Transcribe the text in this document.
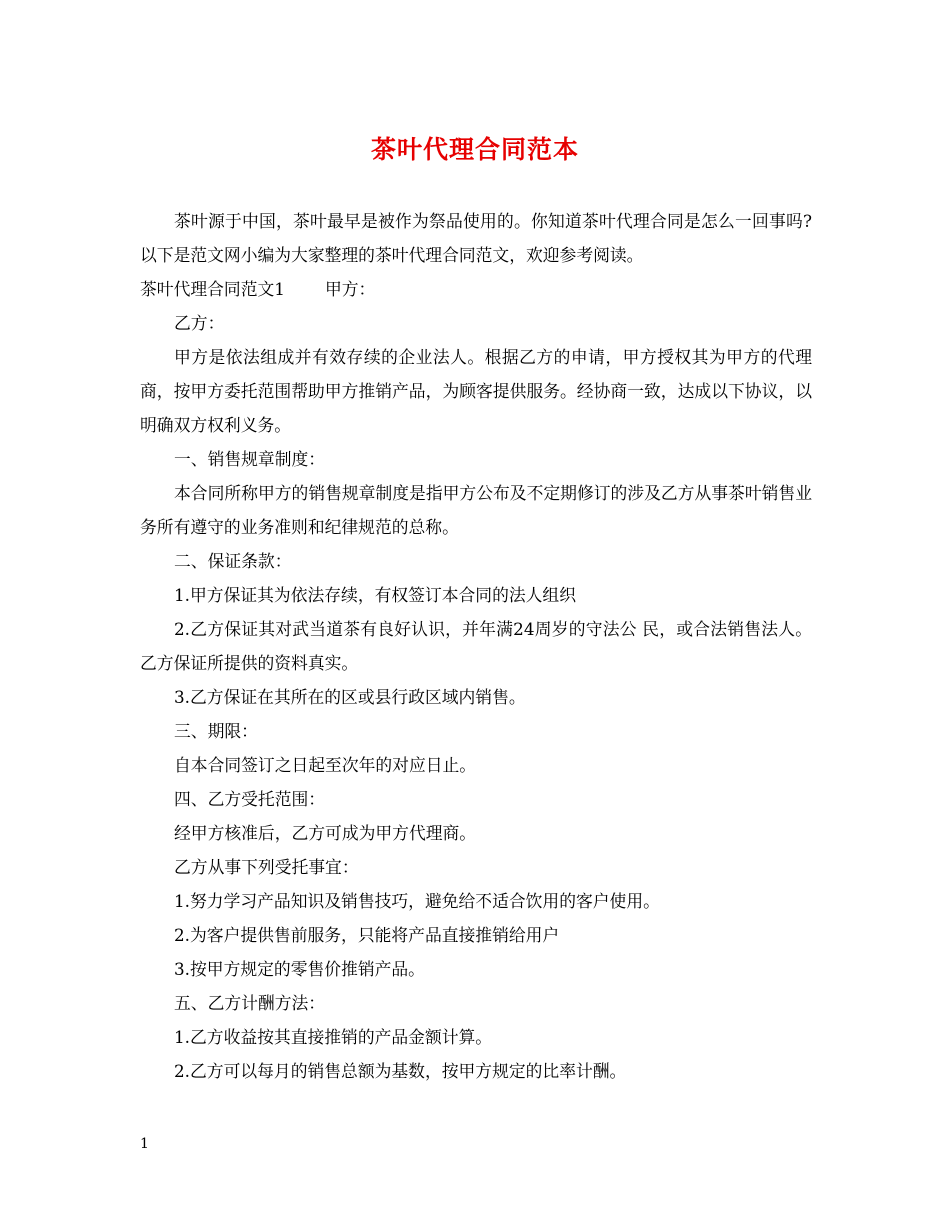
茶叶代理合同范本

茶叶源于中国，茶叶最早是被作为祭品使用的。你知道茶叶代理合同是怎么一回事吗?以下是范文网小编为大家整理的茶叶代理合同范文，欢迎参考阅读。

茶叶代理合同范文1 甲方：

乙方：

甲方是依法组成并有效存续的企业法人。根据乙方的申请，甲方授权其为甲方的代理商，按甲方委托范围帮助甲方推销产品，为顾客提供服务。经协商一致，达成以下协议，以明确双方权利义务。

一、销售规章制度：

本合同所称甲方的销售规章制度是指甲方公布及不定期修订的涉及乙方从事茶叶销售业务所有遵守的业务准则和纪律规范的总称。

二、保证条款：

1.甲方保证其为依法存续，有权签订本合同的法人组织

2.乙方保证其对武当道茶有良好认识，并年满24周岁的守法公 民，或合法销售法人。乙方保证所提供的资料真实。

3.乙方保证在其所在的区或县行政区域内销售。

三、期限：

自本合同签订之日起至次年的对应日止。

四、乙方受托范围：

经甲方核准后，乙方可成为甲方代理商。

乙方从事下列受托事宜：

1.努力学习产品知识及销售技巧，避免给不适合饮用的客户使用。

2.为客户提供售前服务，只能将产品直接推销给用户

3.按甲方规定的零售价推销产品。

五、乙方计酬方法：

1.乙方收益按其直接推销的产品金额计算。

2.乙方可以每月的销售总额为基数，按甲方规定的比率计酬。

1
